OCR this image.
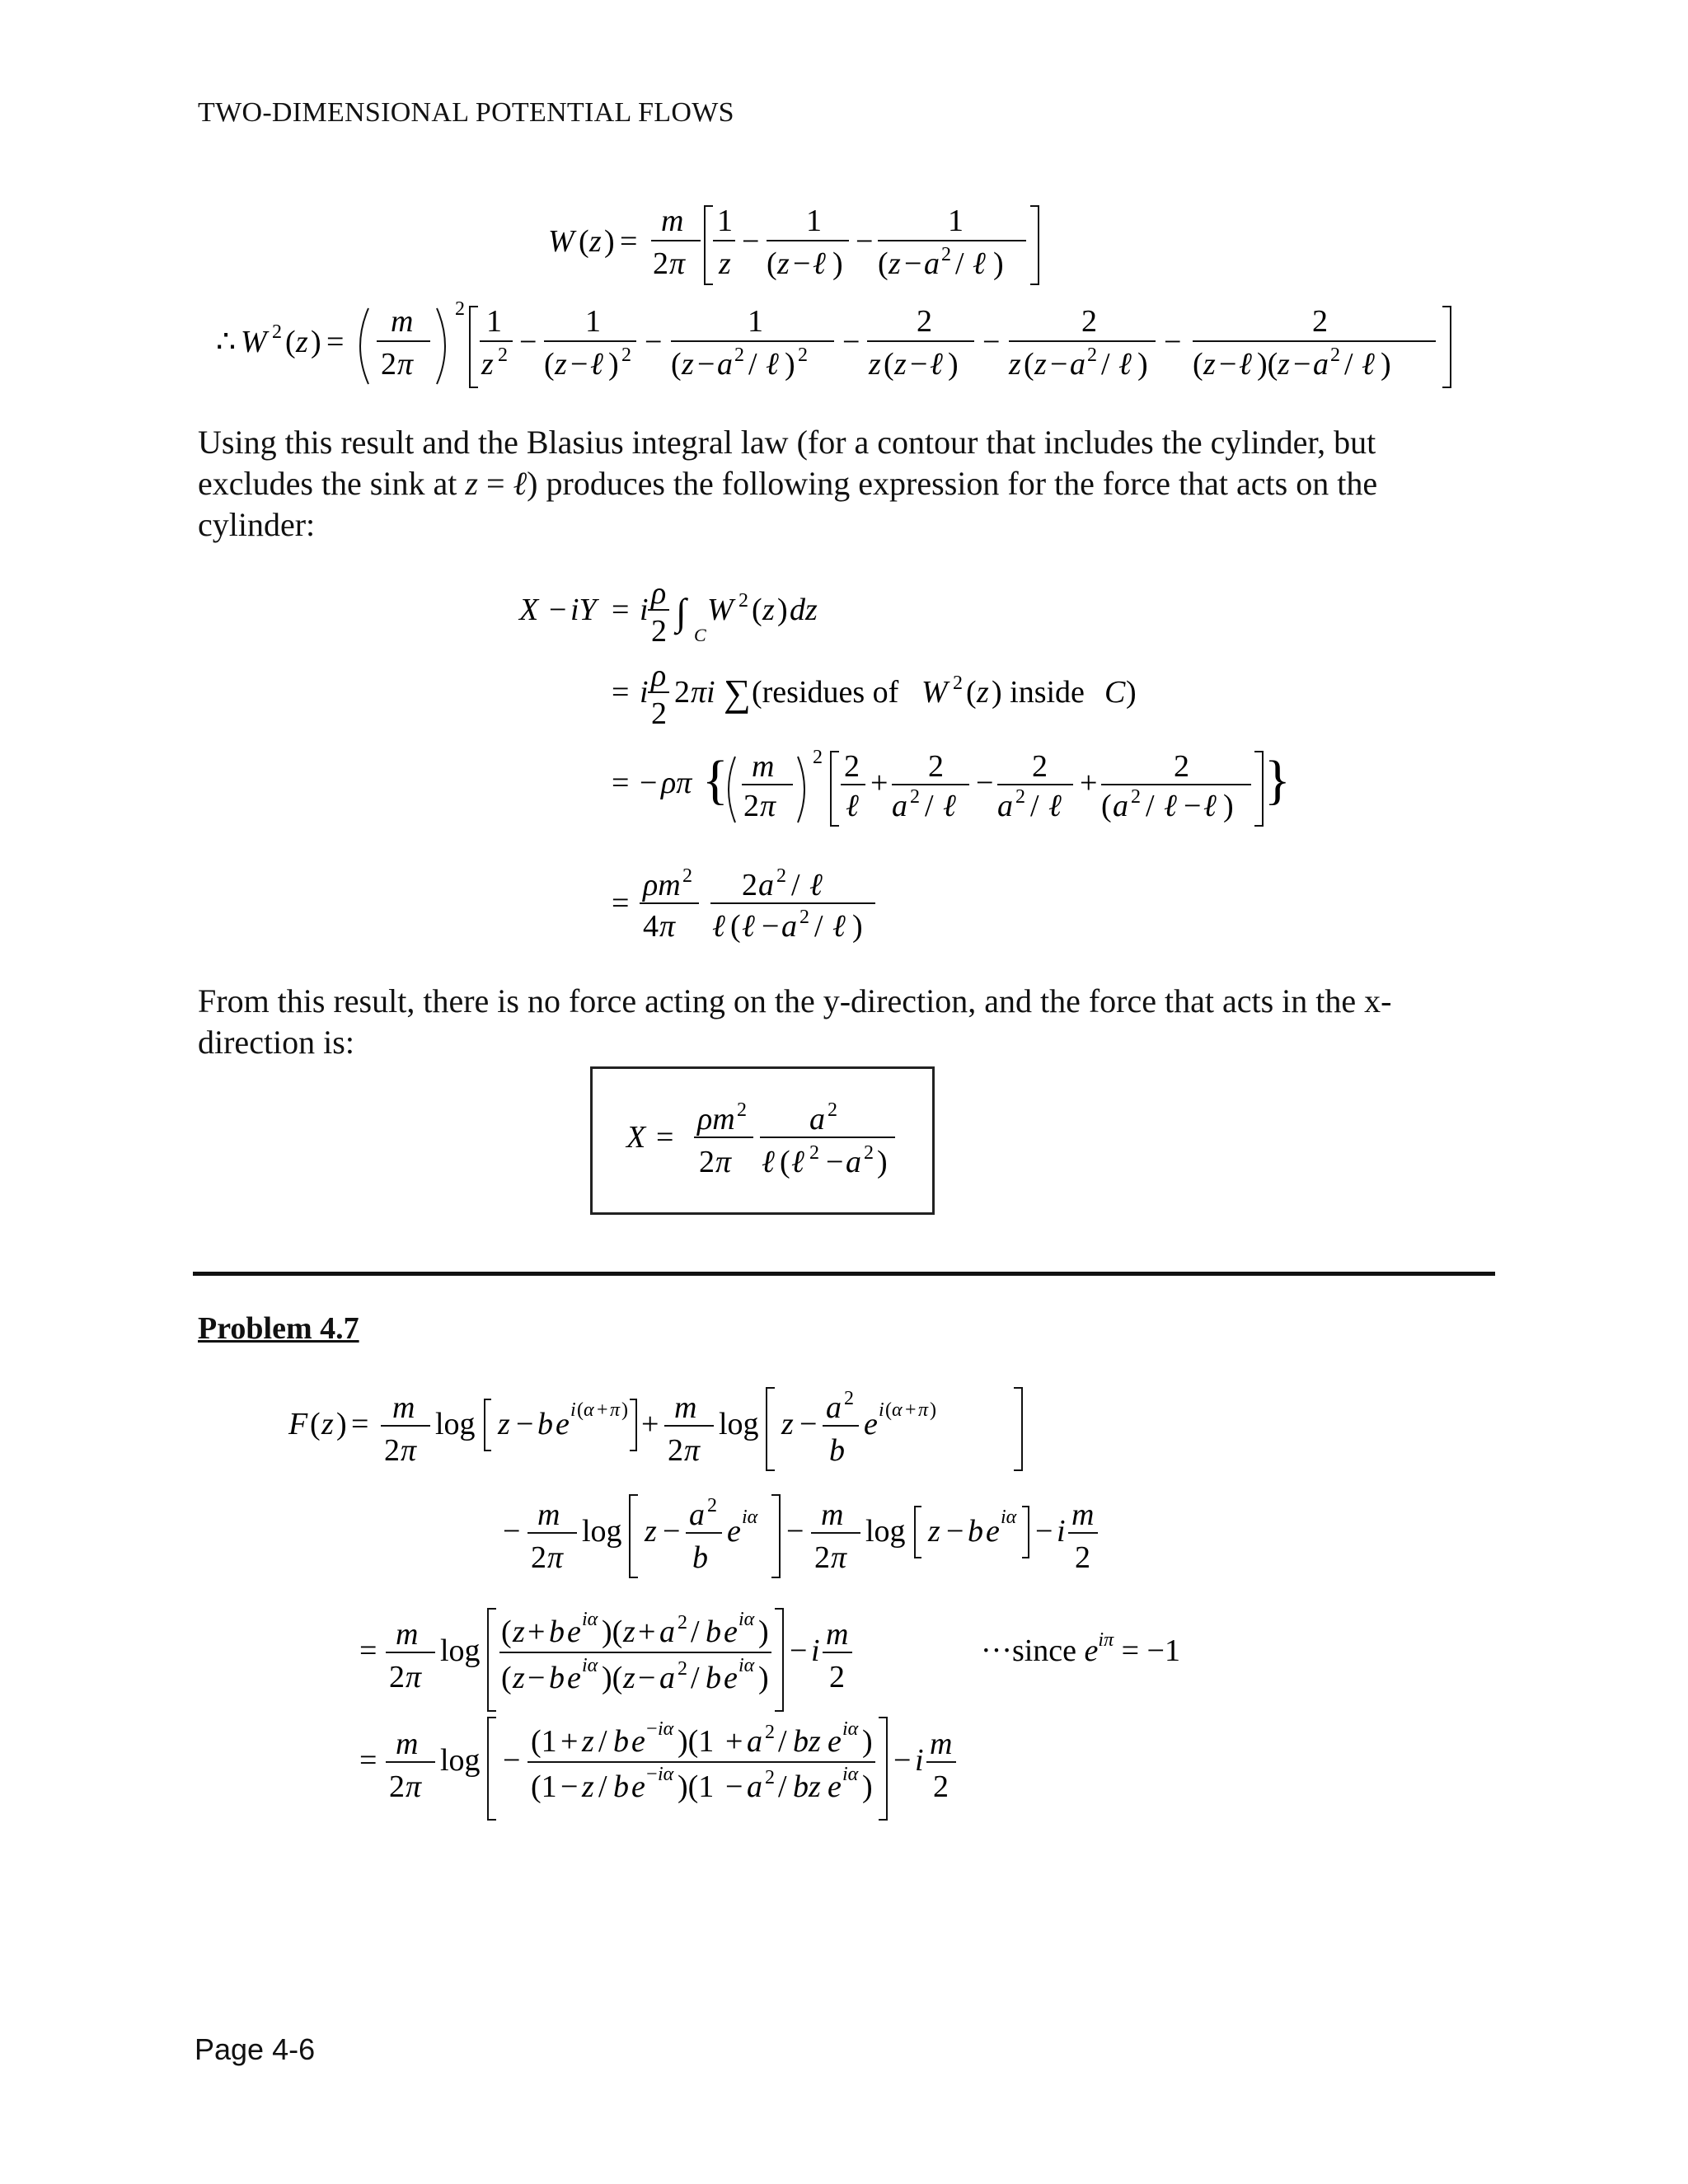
TWO-DIMENSIONAL POTENTIAL FLOWS
W ( z ) =
m
2 π
1
z
−
1
( z − ℓ )
−
1
( z − a 2 / ℓ )
∴ W 2 ( z ) =
m
2 π
2 1
z 2 −
1
( z − ℓ ) 2 −
1
( z − a 2 / ℓ ) 2 −
2
z ( z − ℓ )
−
2
z ( z − a 2 / ℓ )
−
2
( z − ℓ )( z − a 2 / ℓ )
Using this result and the Blasius integral law (for a contour that includes the cylinder, but
excludes the sink at z = ℓ) produces the following expression for the force that acts on the
cylinder:
X − iY = i ρ
2 ∫
C
W 2 ( z ) dz
= i ρ
2
2 πi ∑ (residues of W 2 ( z ) inside C )
= − ρπ { m
2 π
2 2
ℓ
+ 2
a 2 / ℓ
− 2
a 2 / ℓ
+ 2
( a 2 / ℓ − ℓ ) }
=
ρm 2
4 π
2 a 2 / ℓ
ℓ ( ℓ − a 2 / ℓ )
From this result, there is no force acting on the y-direction, and the force that acts in the x-
direction is:
X =
ρm 2
2 π
a 2
ℓ ( ℓ 2 − a 2 )
Problem 4.7
F ( z ) = m
2 π
log z − b e i ( α + π ) + m
2 π
log z − a 2
b
e i ( α + π )
− m
2 π
log z − a 2
b
e iα − m
2 π
log z − b e iα − i m
2
= m
2 π
log
( z + b e iα )( z + a 2 / b e iα )
( z − b e iα )( z − a 2 / b e iα )
− i m
2
···since $e^{i\pi} = -1$
= m
2 π
log −
(1 + z / b e − iα )(1 + a 2 / bz e iα )
(1 − z / b e − iα )(1 − a 2 / bz e iα )
− i m
2
Page 4-6
